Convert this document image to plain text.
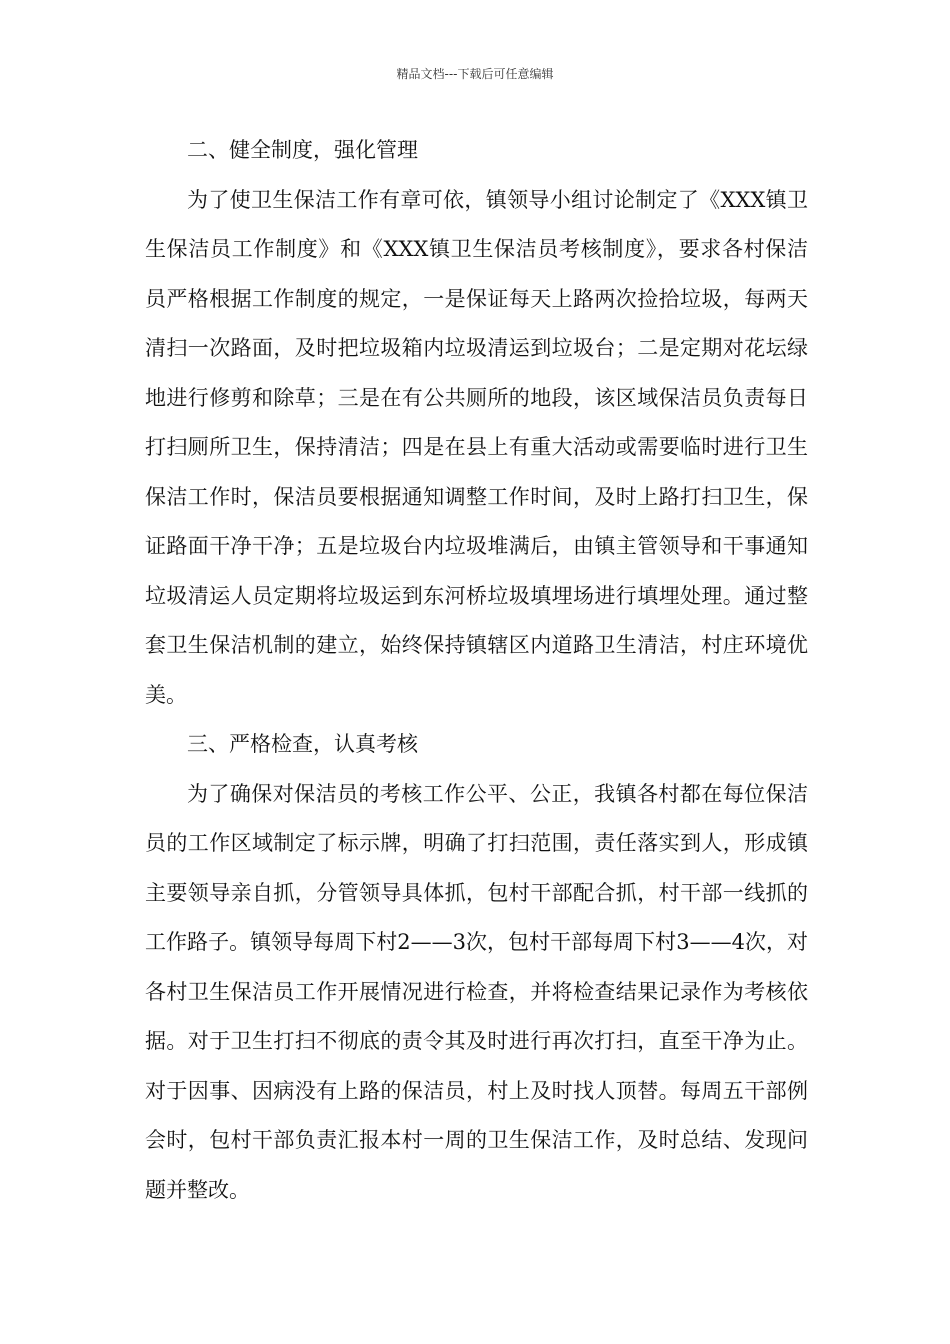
精品文档---下载后可任意编辑

二、健全制度，强化管理

为了使卫生保洁工作有章可依，镇领导小组讨论制定了《XXX镇卫生保洁员工作制度》和《XXX镇卫生保洁员考核制度》，要求各村保洁员严格根据工作制度的规定，一是保证每天上路两次捡拾垃圾，每两天清扫一次路面，及时把垃圾箱内垃圾清运到垃圾台；二是定期对花坛绿地进行修剪和除草；三是在有公共厕所的地段，该区域保洁员负责每日打扫厕所卫生，保持清洁；四是在县上有重大活动或需要临时进行卫生保洁工作时，保洁员要根据通知调整工作时间，及时上路打扫卫生，保证路面干净干净；五是垃圾台内垃圾堆满后，由镇主管领导和干事通知垃圾清运人员定期将垃圾运到东河桥垃圾填埋场进行填埋处理。通过整套卫生保洁机制的建立，始终保持镇辖区内道路卫生清洁，村庄环境优美。

三、严格检查，认真考核

为了确保对保洁员的考核工作公平、公正，我镇各村都在每位保洁员的工作区域制定了标示牌，明确了打扫范围，责任落实到人，形成镇主要领导亲自抓，分管领导具体抓，包村干部配合抓，村干部一线抓的工作路子。镇领导每周下村2——3次，包村干部每周下村3——4次，对各村卫生保洁员工作开展情况进行检查，并将检查结果记录作为考核依据。对于卫生打扫不彻底的责令其及时进行再次打扫，直至干净为止。对于因事、因病没有上路的保洁员，村上及时找人顶替。每周五干部例会时，包村干部负责汇报本村一周的卫生保洁工作，及时总结、发现问题并整改。
